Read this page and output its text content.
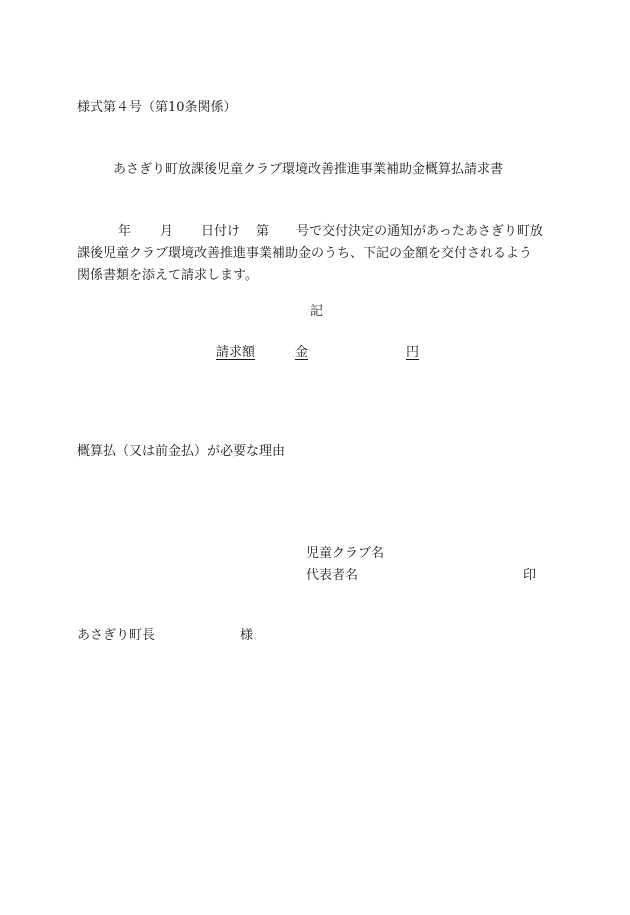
様式第４号（第10条関係）
あさぎり町放課後児童クラブ環境改善推進事業補助金概算払請求書
年 月 日付け 第 号で交付決定の通知があったあさぎり町放
課後児童クラブ環境改善推進事業補助金のうち、下記の金額を交付されるよう
関係書類を添えて請求します。
記
請求額	金	円
概算払（又は前金払）が必要な理由
児童クラブ名
代表者名	印
あさぎり町長	様
